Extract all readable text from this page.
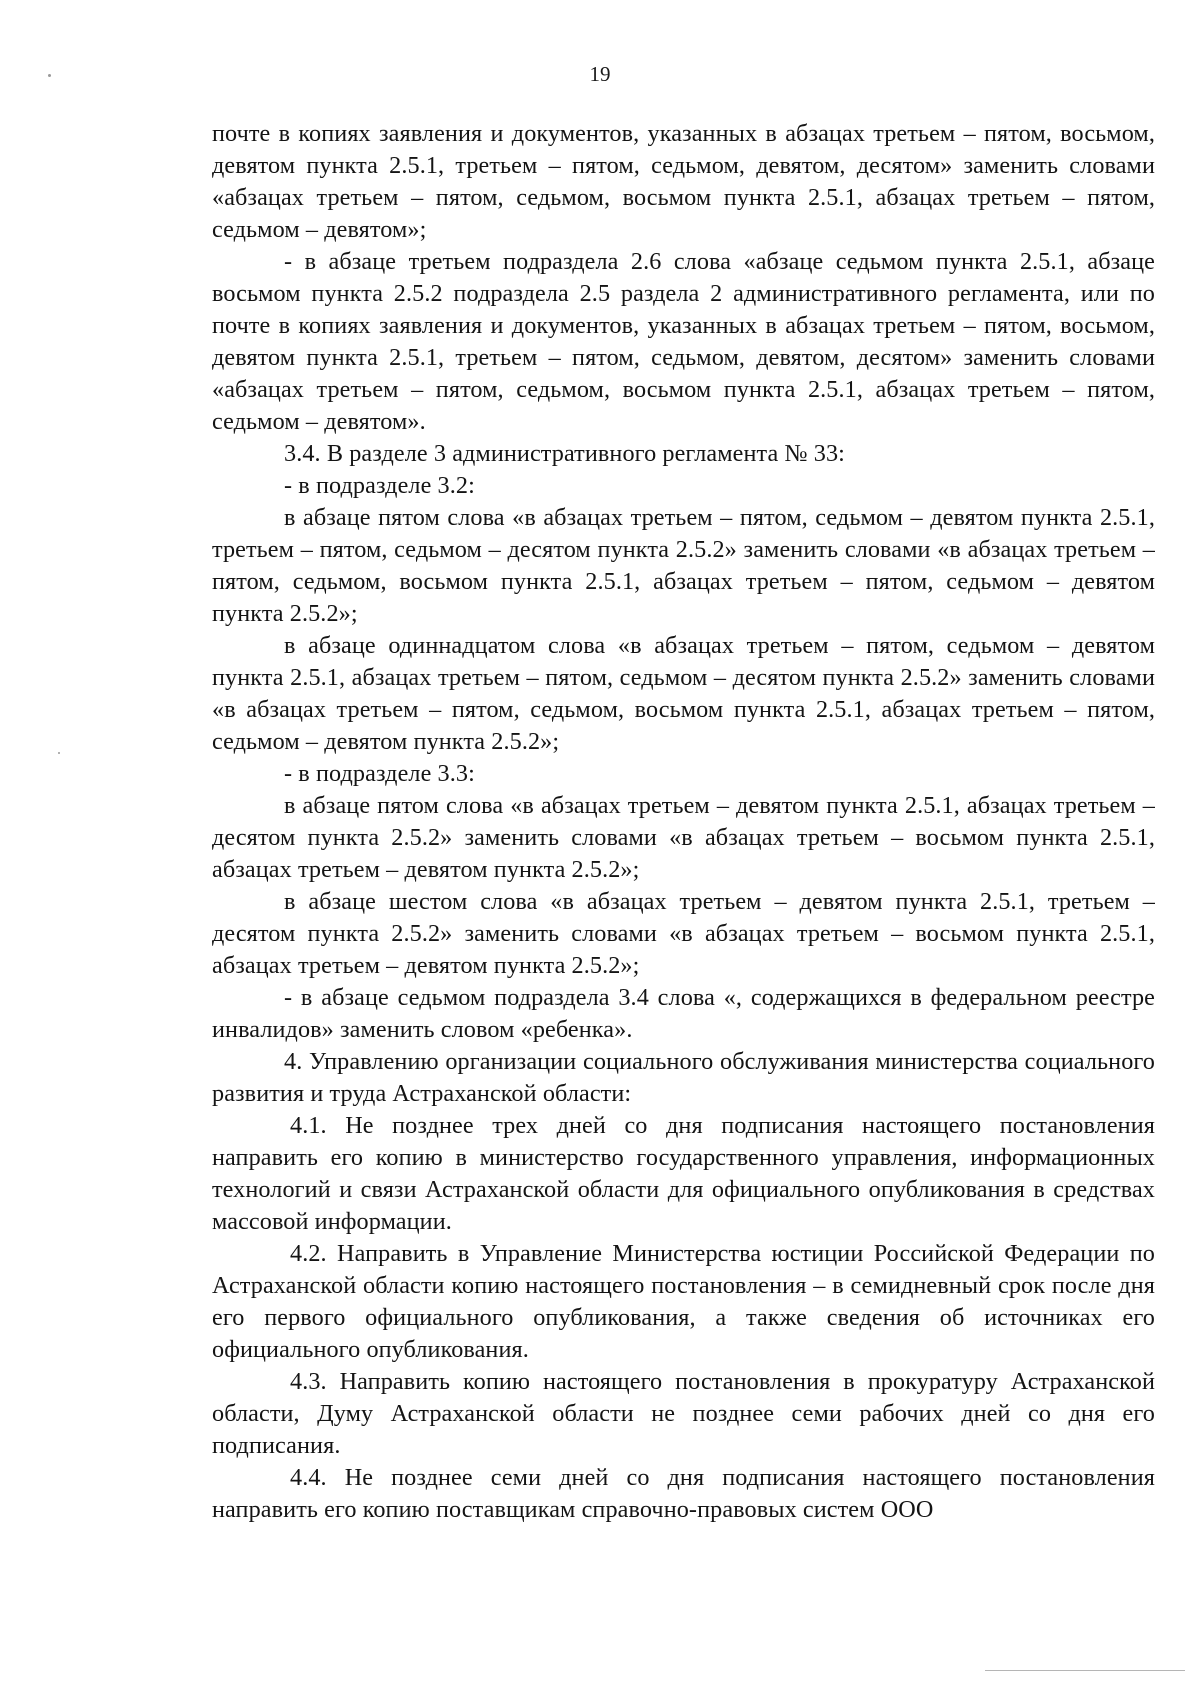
19

почте в копиях заявления и документов, указанных в абзацах третьем – пятом, восьмом, девятом пункта 2.5.1, третьем – пятом, седьмом, девятом, десятом» заменить словами «абзацах третьем – пятом, седьмом, восьмом пункта 2.5.1, абзацах третьем – пятом, седьмом – девятом»;

- в абзаце третьем подраздела 2.6 слова «абзаце седьмом пункта 2.5.1, абзаце восьмом пункта 2.5.2 подраздела 2.5 раздела 2 административного регламента, или по почте в копиях заявления и документов, указанных в абзацах третьем – пятом, восьмом, девятом пункта 2.5.1, третьем – пятом, седьмом, девятом, десятом» заменить словами «абзацах третьем – пятом, седьмом, восьмом пункта 2.5.1, абзацах третьем – пятом, седьмом – девятом».

3.4. В разделе 3 административного регламента № 33:

- в подразделе 3.2:

в абзаце пятом слова «в абзацах третьем – пятом, седьмом – девятом пункта 2.5.1, третьем – пятом, седьмом – десятом пункта 2.5.2» заменить словами «в абзацах третьем – пятом, седьмом, восьмом пункта 2.5.1, абзацах третьем – пятом, седьмом – девятом пункта 2.5.2»;

в абзаце одиннадцатом слова «в абзацах третьем – пятом, седьмом – девятом пункта 2.5.1, абзацах третьем – пятом, седьмом – десятом пункта 2.5.2» заменить словами «в абзацах третьем – пятом, седьмом, восьмом пункта 2.5.1, абзацах третьем – пятом, седьмом – девятом пункта 2.5.2»;

- в подразделе 3.3:

в абзаце пятом слова «в абзацах третьем – девятом пункта 2.5.1, абзацах третьем – десятом пункта 2.5.2» заменить словами «в абзацах третьем – восьмом пункта 2.5.1, абзацах третьем – девятом пункта 2.5.2»;

в абзаце шестом слова «в абзацах третьем – девятом пункта 2.5.1, третьем – десятом пункта 2.5.2» заменить словами «в абзацах третьем – восьмом пункта 2.5.1, абзацах третьем – девятом пункта 2.5.2»;

- в абзаце седьмом подраздела 3.4 слова «, содержащихся в федеральном реестре инвалидов» заменить словом «ребенка».

4. Управлению организации социального обслуживания министерства социального развития и труда Астраханской области:

4.1. Не позднее трех дней со дня подписания настоящего постановления направить его копию в министерство государственного управления, информационных технологий и связи Астраханской области для официального опубликования в средствах массовой информации.

4.2. Направить в Управление Министерства юстиции Российской Федерации по Астраханской области копию настоящего постановления – в семидневный срок после дня его первого официального опубликования, а также сведения об источниках его официального опубликования.

4.3. Направить копию настоящего постановления в прокуратуру Астраханской области, Думу Астраханской области не позднее семи рабочих дней со дня его подписания.

4.4. Не позднее семи дней со дня подписания настоящего постановления направить его копию поставщикам справочно-правовых систем ООО
